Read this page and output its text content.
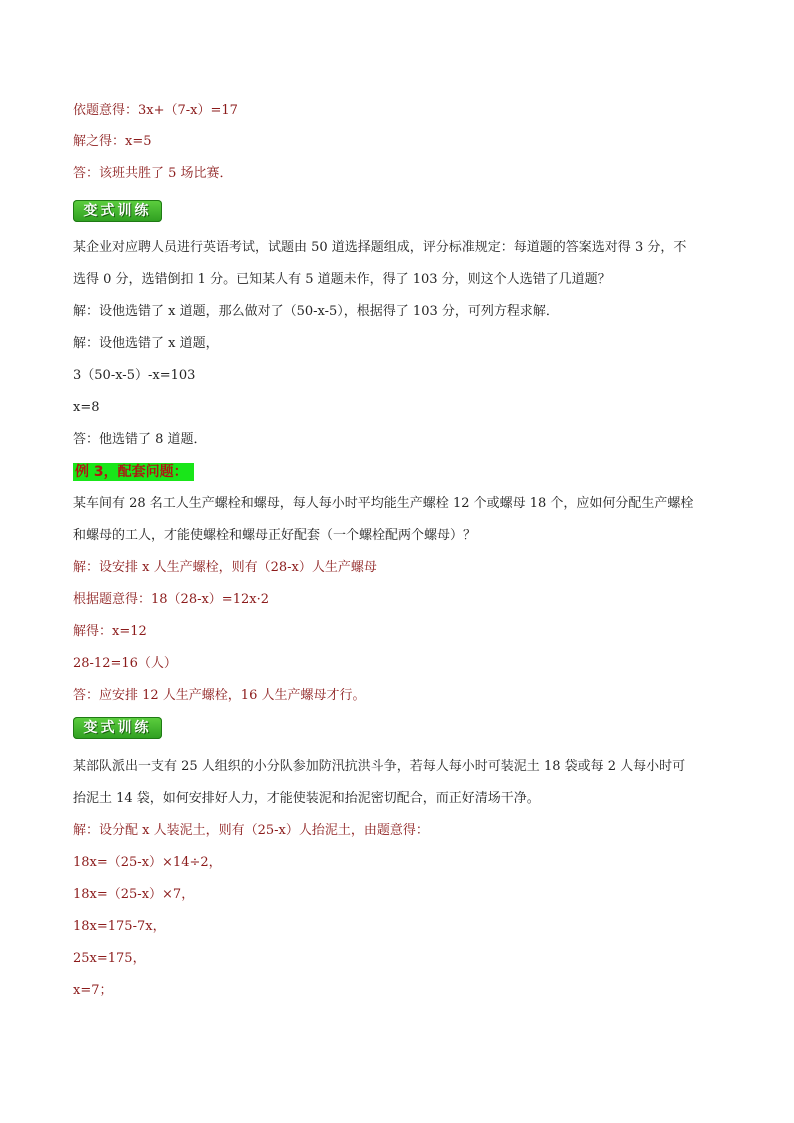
依题意得：3x+（7-x）=17
解之得：x=5
答：该班共胜了 5 场比赛．
变式训练
某企业对应聘人员进行英语考试，试题由 50 道选择题组成，评分标准规定：每道题的答案选对得 3 分，不
选得 0 分，选错倒扣 1 分。已知某人有 5 道题未作，得了 103 分，则这个人选错了几道题？
解：设他选错了 x 道题，那么做对了（50-x-5），根据得了 103 分，可列方程求解．
解：设他选错了 x 道题，
3（50-x-5）-x=103
x=8
答：他选错了 8 道题．
例 3，配套问题：
某车间有 28 名工人生产螺栓和螺母，每人每小时平均能生产螺栓 12 个或螺母 18 个，应如何分配生产螺栓
和螺母的工人，才能使螺栓和螺母正好配套（一个螺栓配两个螺母）？
解：设安排 x 人生产螺栓，则有（28-x）人生产螺母
根据题意得：18（28-x）=12x·2
解得：x=12
28-12=16（人）
答：应安排 12 人生产螺栓，16 人生产螺母才行。
变式训练
某部队派出一支有 25 人组织的小分队参加防汛抗洪斗争，若每人每小时可装泥土 18 袋或每 2 人每小时可
抬泥土 14 袋，如何安排好人力，才能使装泥和抬泥密切配合，而正好清场干净。
解：设分配 x 人装泥土，则有（25-x）人抬泥土，由题意得：
18x=（25-x）×14÷2，
18x=（25-x）×7，
18x=175-7x，
25x=175，
x=7；
